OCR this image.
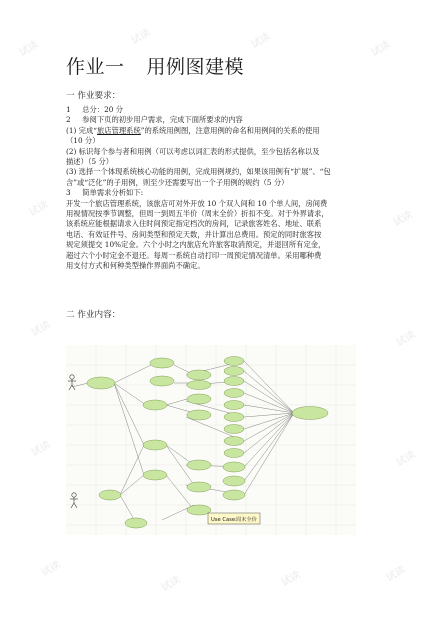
试读
试读	试读	试读
试读
试读
试读
试读
试读
试读
试读
试读	试读	试读
作业一 用例图建模
一 作业要求：
1 总分：20 分
2 参阅下页的初步用户需求，完成下面所要求的内容
(1) 完成“旅店管理系统”的系统用例图，注意用例的命名和用例间的关系的使用
（10 分）
(2) 标识每个参与者和用例（可以考虑以词汇表的形式提供，至少包括名称以及
描述）（5 分）
(3) 选择一个体现系统核心功能的用例，完成用例规约，如果该用例有“扩展”、“包
含”或“泛化”的子用例，则至少还需要写出一个子用例的规约（5 分）
3 简单需求分析如下:
开发一个旅店管理系统，该旅店可对外开放 10 个双人间和 10 个单人间，房间费
用视情况按季节调整，但周一到周五半价（周末全价）折扣不变。对于外界请求，
该系统应能根据请求入住时间预定指定档次的房间，记录旅客姓名、地址、联系
电话、有效证件号、房间类型和预定天数，并计算出总费用。预定的同时旅客按
规定须提交 10%定金。六个小时之内旅店允许旅客取消预定，并退回所有定金，
超过六个小时定金不退还。每周一系统自动打印一周预定情况清单。采用哪种费
用支付方式和何种类型操作界面尚不确定。
二 作业内容：
Use Case: 周末全价
